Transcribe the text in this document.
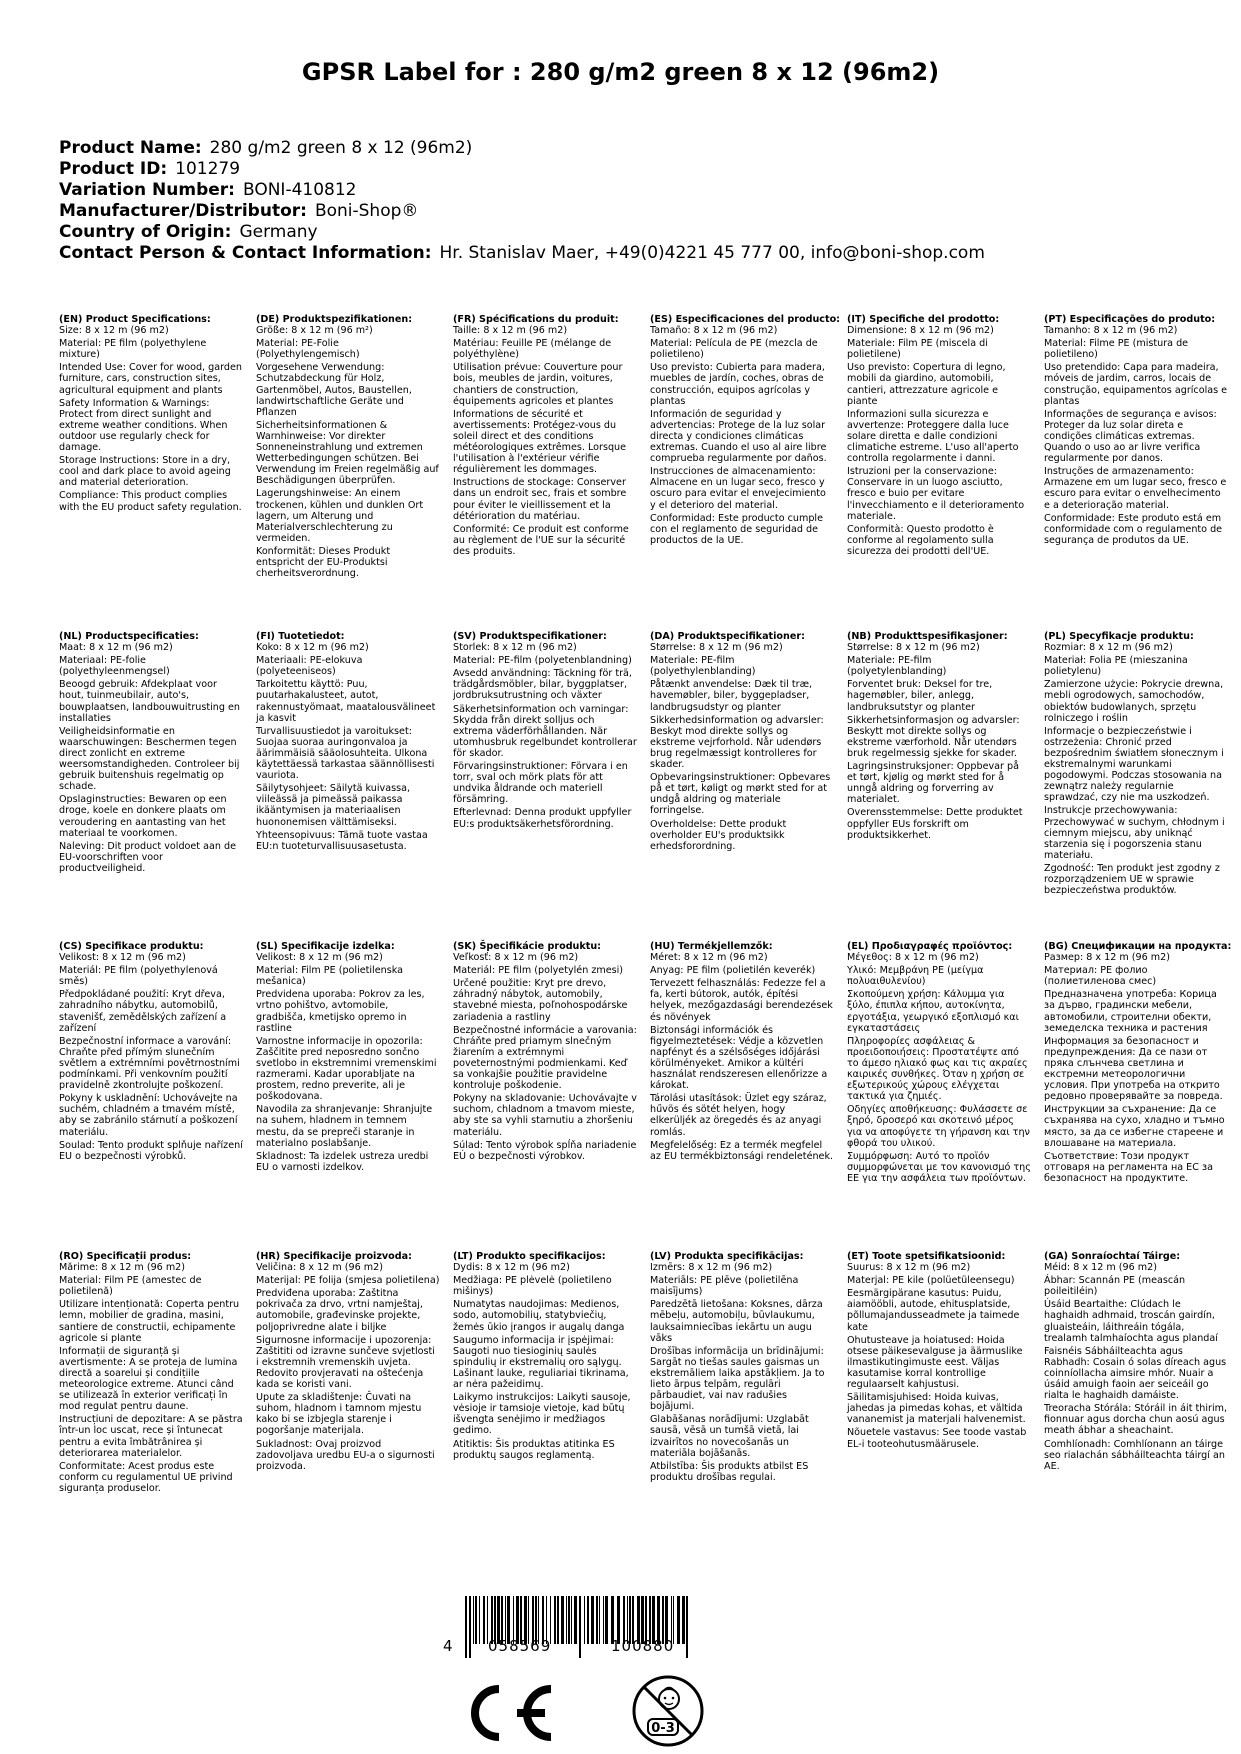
GPSR Label for : 280 g/m2 green 8 x 12 (96m2)
Product Name: 280 g/m2 green 8 x 12 (96m2)
Product ID: 101279
Variation Number: BONI-410812
Manufacturer/Distributor: Boni-Shop®
Country of Origin: Germany
Contact Person & Contact Information: Hr. Stanislav Maer, +49(0)4221 45 777 00, info@boni-shop.com
(EN) Product Specifications:

Size: 8 x 12 m (96 m2)

Material: PE film (polyethylene mixture)

Intended Use: Cover for wood, garden furniture, cars, construction sites, agricultural equipment and plants

Safety Information & Warnings: Protect from direct sunlight and extreme weather conditions. When outdoor use regularly check for damage.

Storage Instructions: Store in a dry, cool and dark place to avoid ageing and material deterioration.

Compliance: This product complies with the EU product safety regulation.

(DE) Produktspezifikationen:

Größe: 8 x 12 m (96 m²)

Material: PE-Folie (Polyethylengemisch)

Vorgesehene Verwendung: Schutzabdeckung für Holz, Gartenmöbel, Autos, Baustellen, landwirtschaftliche Geräte und Pflanzen

Sicherheitsinformationen & Warnhinweise: Vor direkter Sonneneinstrahlung und extremen Wetterbedingungen schützen. Bei Verwendung im Freien regelmäßig auf Beschädigungen überprüfen.

Lagerungshinweise: An einem trockenen, kühlen und dunklen Ort lagern, um Alterung und Materialverschlechterung zu vermeiden.

Konformität: Dieses Produkt entspricht der EU-Produktsi cherheitsverordnung.

(FR) Spécifications du produit:

Taille: 8 x 12 m (96 m2)

Matériau: Feuille PE (mélange de polyéthylène)

Utilisation prévue: Couverture pour bois, meubles de jardin, voitures, chantiers de construction, équipements agricoles et plantes

Informations de sécurité et avertissements: Protégez-vous du soleil direct et des conditions météorologiques extrêmes. Lorsque l'utilisation à l'extérieur vérifie régulièrement les dommages.

Instructions de stockage: Conserver dans un endroit sec, frais et sombre pour éviter le vieillissement et la détérioration du matériau.

Conformité: Ce produit est conforme au règlement de l'UE sur la sécurité des produits.

(ES) Especificaciones del producto:

Tamaño: 8 x 12 m (96 m2)

Material: Película de PE (mezcla de polietileno)

Uso previsto: Cubierta para madera, muebles de jardín, coches, obras de construcción, equipos agrícolas y plantas

Información de seguridad y advertencias: Protege de la luz solar directa y condiciones climáticas extremas. Cuando el uso al aire libre comprueba regularmente por daños.

Instrucciones de almacenamiento: Almacene en un lugar seco, fresco y oscuro para evitar el envejecimiento y el deterioro del material.

Conformidad: Este producto cumple con el reglamento de seguridad de productos de la UE.

(IT) Specifiche del prodotto:

Dimensione: 8 x 12 m (96 m2)

Materiale: Film PE (miscela di polietilene)

Uso previsto: Copertura di legno, mobili da giardino, automobili, cantieri, attrezzature agricole e piante

Informazioni sulla sicurezza e avvertenze: Proteggere dalla luce solare diretta e dalle condizioni climatiche estreme. L'uso all'aperto controlla regolarmente i danni.

Istruzioni per la conservazione: Conservare in un luogo asciutto, fresco e buio per evitare l'invecchiamento e il deterioramento materiale.

Conformità: Questo prodotto è conforme al regolamento sulla sicurezza dei prodotti dell'UE.

(PT) Especificações do produto:

Tamanho: 8 x 12 m (96 m2)

Material: Filme PE (mistura de polietileno)

Uso pretendido: Capa para madeira, móveis de jardim, carros, locais de construção, equipamentos agrícolas e plantas

Informações de segurança e avisos: Proteger da luz solar direta e condições climáticas extremas. Quando o uso ao ar livre verifica regularmente por danos.

Instruções de armazenamento: Armazene em um lugar seco, fresco e escuro para evitar o envelhecimento e a deterioração material.

Conformidade: Este produto está em conformidade com o regulamento de segurança de produtos da UE.

(NL) Productspecificaties:

Maat: 8 x 12 m (96 m2)

Materiaal: PE-folie (polyethyleenmengsel)

Beoogd gebruik: Afdekplaat voor hout, tuinmeubilair, auto's, bouwplaatsen, landbouwuitrusting en installaties

Veiligheidsinformatie en waarschuwingen: Beschermen tegen direct zonlicht en extreme weersomstandigheden. Controleer bij gebruik buitenshuis regelmatig op schade.

Opslaginstructies: Bewaren op een droge, koele en donkere plaats om veroudering en aantasting van het materiaal te voorkomen.

Naleving: Dit product voldoet aan de EU-voorschriften voor productveiligheid.

(FI) Tuotetiedot:

Koko: 8 x 12 m (96 m2)

Materiaali: PE-elokuva (polyeteeniseos)

Tarkoitettu käyttö: Puu, puutarhakalusteet, autot, rakennustyömaat, maatalousvälineet ja kasvit

Turvallisuustiedot ja varoitukset: Suojaa suoraa auringonvaloa ja äärimmäisiä sääolosuhteita. Ulkona käytettäessä tarkastaa säännöllisesti vauriota.

Säilytysohjeet: Säilytä kuivassa, viileässä ja pimeässä paikassa ikääntymisen ja materiaalisen huononemisen välttämiseksi.

Yhteensopivuus: Tämä tuote vastaa EU:n tuoteturvallisuusasetusta.

(SV) Produktspecifikationer:

Storlek: 8 x 12 m (96 m2)

Material: PE-film (polyetenblandning)

Avsedd användning: Täckning för trä, trädgårdsmöbler, bilar, byggplatser, jordbruksutrustning och växter

Säkerhetsinformation och varningar: Skydda från direkt solljus och extrema väderförhållanden. När utomhusbruk regelbundet kontrollerar för skador.

Förvaringsinstruktioner: Förvara i en torr, sval och mörk plats för att undvika åldrande och materiell försämring.

Efterlevnad: Denna produkt uppfyller EU:s produktsäkerhetsförordning.

(DA) Produktspecifikationer:

Størrelse: 8 x 12 m (96 m2)

Materiale: PE-film (polyethylenblanding)

Påtænkt anvendelse: Dæk til træ, havemøbler, biler, byggepladser, landbrugsudstyr og planter

Sikkerhedsinformation og advarsler: Beskyt mod direkte sollys og ekstreme vejrforhold. Når udendørs brug regelmæssigt kontrolleres for skader.

Opbevaringsinstruktioner: Opbevares på et tørt, køligt og mørkt sted for at undgå aldring og materiale forringelse.

Overholdelse: Dette produkt overholder EU's produktsikk erhedsforordning.

(NB) Produkttspesifikasjoner:

Størrelse: 8 x 12 m (96 m2)

Materiale: PE-film (polyetylenblanding)

Forventet bruk: Deksel for tre, hagemøbler, biler, anlegg, landbruksutstyr og planter

Sikkerhetsinformasjon og advarsler: Beskytt mot direkte sollys og ekstreme værforhold. Når utendørs bruk regelmessig sjekke for skader.

Lagringsinstruksjoner: Oppbevar på et tørt, kjølig og mørkt sted for å unngå aldring og forverring av materialet.

Overensstemmelse: Dette produktet oppfyller EUs forskrift om produktsikkerhet.

(PL) Specyfikacje produktu:

Rozmiar: 8 x 12 m (96 m2)

Materiał: Folia PE (mieszanina polietylenu)

Zamierzone użycie: Pokrycie drewna, mebli ogrodowych, samochodów, obiektów budowlanych, sprzętu rolniczego i roślin

Informacje o bezpieczeństwie i ostrzeżenia: Chronić przed bezpośrednim światłem słonecznym i ekstremalnymi warunkami pogodowymi. Podczas stosowania na zewnątrz należy regularnie sprawdzać, czy nie ma uszkodzeń.

Instrukcje przechowywania: Przechowywać w suchym, chłodnym i ciemnym miejscu, aby uniknąć starzenia się i pogorszenia stanu materiału.

Zgodność: Ten produkt jest zgodny z rozporządzeniem UE w sprawie bezpieczeństwa produktów.

(CS) Specifikace produktu:

Velikost: 8 x 12 m (96 m2)

Materiál: PE film (polyethylenová směs)

Předpokládané použití: Kryt dřeva, zahradního nábytku, automobilů, stavenišť, zemědělských zařízení a zařízení

Bezpečnostní informace a varování: Chraňte před přímým slunečním světlem a extrémními povětrnostními podmínkami. Při venkovním použití pravidelně zkontrolujte poškození.

Pokyny k uskladnění: Uchovávejte na suchém, chladném a tmavém místě, aby se zabránilo stárnutí a poškození materiálu.

Soulad: Tento produkt splňuje nařízení EU o bezpečnosti výrobků.

(SL) Specifikacije izdelka:

Velikost: 8 x 12 m (96 m2)

Material: Film PE (polietilenska mešanica)

Predvidena uporaba: Pokrov za les, vrtno pohištvo, avtomobile, gradbišča, kmetijsko opremo in rastline

Varnostne informacije in opozorila: Zaščitite pred neposredno sončno svetlobo in ekstremnimi vremenskimi razmerami. Kadar uporabljate na prostem, redno preverite, ali je poškodovana.

Navodila za shranjevanje: Shranjujte na suhem, hladnem in temnem mestu, da se prepreči staranje in materialno poslabšanje.

Skladnost: Ta izdelek ustreza uredbi EU o varnosti izdelkov.

(SK) Špecifikácie produktu:

Veľkosť: 8 x 12 m (96 m2)

Materiál: PE film (polyetylén zmesi)

Určené použitie: Kryt pre drevo, záhradný nábytok, automobily, stavebné miesta, poľnohospodárske zariadenia a rastliny

Bezpečnostné informácie a varovania: Chráňte pred priamym slnečným žiarením a extrémnymi poveternostnými podmienkami. Keď sa vonkajšie použitie pravidelne kontroluje poškodenie.

Pokyny na skladovanie: Uchovávajte v suchom, chladnom a tmavom mieste, aby ste sa vyhli starnutiu a zhoršeniu materiálu.

Súlad: Tento výrobok spĺňa nariadenie EÚ o bezpečnosti výrobkov.

(HU) Termékjellemzők:

Méret: 8 x 12 m (96 m2)

Anyag: PE film (polietilén keverék)

Tervezett felhasználás: Fedezze fel a fa, kerti bútorok, autók, építési helyek, mezőgazdasági berendezések és növények

Biztonsági információk és figyelmeztetések: Védje a közvetlen napfényt és a szélsőséges időjárási körülményeket. Amikor a kültéri használat rendszeresen ellenőrizze a károkat.

Tárolási utasítások: Üzlet egy száraz, hűvös és sötét helyen, hogy elkerüljék az öregedés és az anyagi romlás.

Megfelelőség: Ez a termék megfelel az EU termékbiztonsági rendeletének.

(EL) Προδιαγραφές προϊόντος:

Μέγεθος: 8 x 12 m (96 m2)

Υλικό: Μεμβράνη PE (μείγμα πολυαιθυλενίου)

Σκοπούμενη χρήση: Κάλυμμα για ξύλο, έπιπλα κήπου, αυτοκίνητα, εργοτάξια, γεωργικό εξοπλισμό και εγκαταστάσεις

Πληροφορίες ασφάλειας & προειδοποιήσεις: Προστατέψτε από το άμεσο ηλιακό φως και τις ακραίες καιρικές συνθήκες. Όταν η χρήση σε εξωτερικούς χώρους ελέγχεται τακτικά για ζημιές.

Οδηγίες αποθήκευσης: Φυλάσσετε σε ξηρό, δροσερό και σκοτεινό μέρος για να αποφύγετε τη γήρανση και την φθορά του υλικού.

Συμμόρφωση: Αυτό το προϊόν συμμορφώνεται με τον κανονισμό της ΕΕ για την ασφάλεια των προϊόντων.

(BG) Спецификации на продукта:

Размер: 8 x 12 m (96 m2)

Материал: PE фолио (полиетиленова смес)

Предназначена употреба: Корица за дърво, градински мебели, автомобили, строителни обекти, земеделска техника и растения

Информация за безопасност и предупреждения: Да се пази от пряка слънчева светлина и екстремни метеорологични условия. При употреба на открито редовно проверявайте за повреда.

Инструкции за съхранение: Да се съхранява на сухо, хладно и тъмно място, за да се избегне стареене и влошаване на материала.

Съответствие: Този продукт отговаря на регламента на ЕС за безопасност на продуктите.

(RO) Specificații produs:

Mărime: 8 x 12 m (96 m2)

Material: Film PE (amestec de polietilenă)

Utilizare intenționată: Coperta pentru lemn, mobilier de gradina, masini, santiere de constructii, echipamente agricole si plante

Informații de siguranță și avertismente: A se proteja de lumina directă a soarelui și condițiile meteorologice extreme. Atunci când se utilizează în exterior verificați în mod regulat pentru daune.

Instrucțiuni de depozitare: A se păstra într-un loc uscat, rece și întunecat pentru a evita îmbătrânirea și deteriorarea materialelor.

Conformitate: Acest produs este conform cu regulamentul UE privind siguranța produselor.

(HR) Specifikacije proizvoda:

Veličina: 8 x 12 m (96 m2)

Materijal: PE folija (smjesa polietilena)

Predviđena uporaba: Zaštitna pokrivača za drvo, vrtni namještaj, automobile, građevinske projekte, poljoprivredne alate i biljke

Sigurnosne informacije i upozorenja: Zaštititi od izravne sunčeve svjetlosti i ekstremnih vremenskih uvjeta. Redovito provjeravati na oštećenja kada se koristi vani.

Upute za skladištenje: Čuvati na suhom, hladnom i tamnom mjestu kako bi se izbjegla starenje i pogoršanje materijala.

Sukladnost: Ovaj proizvod zadovoljava uredbu EU-a o sigurnosti proizvoda.

(LT) Produkto specifikacijos:

Dydis: 8 x 12 m (96 m2)

Medžiaga: PE plėvelė (polietileno mišinys)

Numatytas naudojimas: Medienos, sodo, automobilių, statybviečių, žemės ūkio įrangos ir augalų danga

Saugumo informacija ir įspėjimai: Saugoti nuo tiesioginių saulės spindulių ir ekstremalių oro sąlygų. Lašinant lauke, reguliariai tikrinama, ar nėra pažeidimų.

Laikymo instrukcijos: Laikyti sausoje, vėsioje ir tamsioje vietoje, kad būtų išvengta senėjimo ir medžiagos gedimo.

Atitiktis: Šis produktas atitinka ES produktų saugos reglamentą.

(LV) Produkta specifikācijas:

Izmērs: 8 x 12 m (96 m2)

Materiāls: PE plēve (polietilēna maisījums)

Paredzētā lietošana: Koksnes, dārza mēbeļu, automobiļu, būvlaukumu, lauksaimniecības iekārtu un augu vāks

Drošības informācija un brīdinājumi: Sargāt no tiešas saules gaismas un ekstremāliem laika apstākļiem. Ja to lieto ārpus telpām, regulāri pārbaudiet, vai nav radušies bojājumi.

Glabāšanas norādījumi: Uzglabāt sausā, vēsā un tumšā vietā, lai izvairītos no novecošanās un materiāla bojāšanās.

Atbilstība: Šis produkts atbilst ES produktu drošības regulai.

(ET) Toote spetsifikatsioonid:

Suurus: 8 x 12 m (96 m2)

Materjal: PE kile (polüetüleensegu)

Eesmärgipärane kasutus: Puidu, aiamööbli, autode, ehitusplatside, põllumajandusseadmete ja taimede kate

Ohutusteave ja hoiatused: Hoida otsese päikesevalguse ja äärmuslike ilmastikutingimuste eest. Väljas kasutamise korral kontrollige regulaarselt kahjustusi.

Säilitamisjuhised: Hoida kuivas, jahedas ja pimedas kohas, et vältida vananemist ja materjali halvenemist.

Nõuetele vastavus: See toode vastab EL-i tooteohutusmäärusele.

(GA) Sonraíochtaí Táirge:

Méid: 8 x 12 m (96 m2)

Ábhar: Scannán PE (meascán poileitiléin)

Úsáid Beartaithe: Clúdach le haghaidh adhmaid, troscán gairdín, gluaisteáin, láithreáin tógála, trealamh talmhaíochta agus plandaí

Faisnéis Sábháilteachta agus Rabhadh: Cosain ó solas díreach agus coinníollacha aimsire mhór. Nuair a úsáid amuigh faoin aer seiceáil go rialta le haghaidh damáiste.

Treoracha Stórála: Stóráil in áit thirim, fionnuar agus dorcha chun aosú agus meath ábhar a sheachaint.

Comhlíonadh: Comhlíonann an táirge seo rialachán sábháilteachta táirgí an AE.

4 058569	100880
0-3
